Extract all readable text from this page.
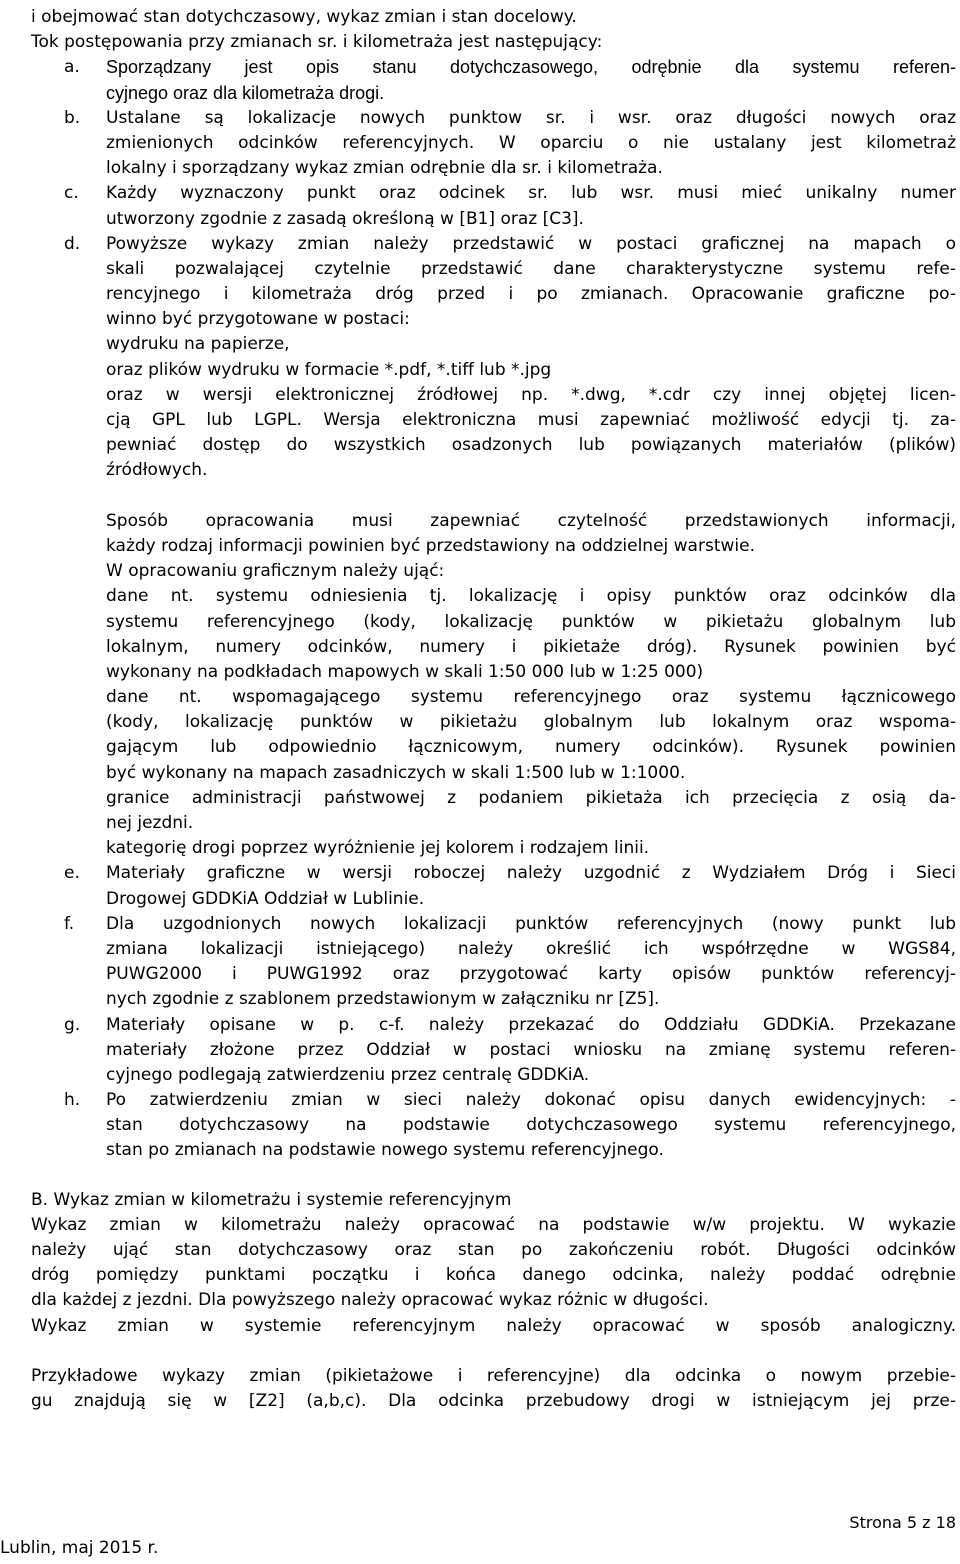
i obejmować stan dotychczasowy, wykaz zmian i stan docelowy.
Tok postępowania przy zmianach sr. i kilometraża jest następujący:
a.	Sporządzany jest opis stanu dotychczasowego, odrębnie dla systemu referen-
cyjnego oraz dla kilometraża drogi.
b.	Ustalane są lokalizacje nowych punktow sr. i wsr. oraz długości nowych oraz
zmienionych odcinków referencyjnych. W oparciu o nie ustalany jest kilometraż
lokalny i sporządzany wykaz zmian odrębnie dla sr. i kilometraża.
c.	Każdy wyznaczony punkt oraz odcinek sr. lub wsr. musi mieć unikalny numer
utworzony zgodnie z zasadą określoną w [B1] oraz [C3].
d.	Powyższe wykazy zmian należy przedstawić w postaci graficznej na mapach o
skali pozwalającej czytelnie przedstawić dane charakterystyczne systemu refe-
rencyjnego i kilometraża dróg przed i po zmianach. Opracowanie graficzne po-
winno być przygotowane w postaci:
wydruku na papierze,
oraz plików wydruku w formacie *.pdf, *.tiff lub *.jpg
oraz w wersji elektronicznej źródłowej np. *.dwg, *.cdr czy innej objętej licen-
cją GPL lub LGPL. Wersja elektroniczna musi zapewniać możliwość edycji tj. za-
pewniać dostęp do wszystkich osadzonych lub powiązanych materiałów (plików)
źródłowych.
Sposób opracowania musi zapewniać czytelność przedstawionych informacji,
każdy rodzaj informacji powinien być przedstawiony na oddzielnej warstwie.
W opracowaniu graficznym należy ująć:
dane nt. systemu odniesienia tj. lokalizację i opisy punktów oraz odcinków dla
systemu referencyjnego (kody, lokalizację punktów w pikietażu globalnym lub
lokalnym, numery odcinków, numery i pikietaże dróg). Rysunek powinien być
wykonany na podkładach mapowych w skali 1:50 000 lub w 1:25 000)
dane nt. wspomagającego systemu referencyjnego oraz systemu łącznicowego
(kody, lokalizację punktów w pikietażu globalnym lub lokalnym oraz wspoma-
gającym lub odpowiednio łącznicowym, numery odcinków). Rysunek powinien
być wykonany na mapach zasadniczych w skali 1:500 lub w 1:1000.
granice administracji państwowej z podaniem pikietaża ich przecięcia z osią da-
nej jezdni.
kategorię drogi poprzez wyróżnienie jej kolorem i rodzajem linii.
e.	Materiały graficzne w wersji roboczej należy uzgodnić z Wydziałem Dróg i Sieci
Drogowej GDDKiA Oddział w Lublinie.
f.	Dla uzgodnionych nowych lokalizacji punktów referencyjnych (nowy punkt lub
zmiana lokalizacji istniejącego) należy określić ich współrzędne w WGS84,
PUWG2000 i PUWG1992 oraz przygotować karty opisów punktów referencyj-
nych zgodnie z szablonem przedstawionym w załączniku nr [Z5].
g.	Materiały opisane w p. c-f. należy przekazać do Oddziału GDDKiA. Przekazane
materiały złożone przez Oddział w postaci wniosku na zmianę systemu referen-
cyjnego podlegają zatwierdzeniu przez centralę GDDKiA.
h.	Po zatwierdzeniu zmian w sieci należy dokonać opisu danych ewidencyjnych: -
stan dotychczasowy na podstawie dotychczasowego systemu referencyjnego,
stan po zmianach na podstawie nowego systemu referencyjnego.
B. Wykaz zmian w kilometrażu i systemie referencyjnym
Wykaz zmian w kilometrażu należy opracować na podstawie w/w projektu. W wykazie
należy ująć stan dotychczasowy oraz stan po zakończeniu robót. Długości odcinków
dróg pomiędzy punktami początku i końca danego odcinka, należy poddać odrębnie
dla każdej z jezdni. Dla powyższego należy opracować wykaz różnic w długości.
Wykaz zmian w systemie referencyjnym należy opracować w sposób analogiczny.
Przykładowe wykazy zmian (pikietażowe i referencyjne) dla odcinka o nowym przebie-
gu znajdują się w [Z2] (a,b,c). Dla odcinka przebudowy drogi w istniejącym jej prze-
Strona 5 z 18
Lublin, maj 2015 r.
